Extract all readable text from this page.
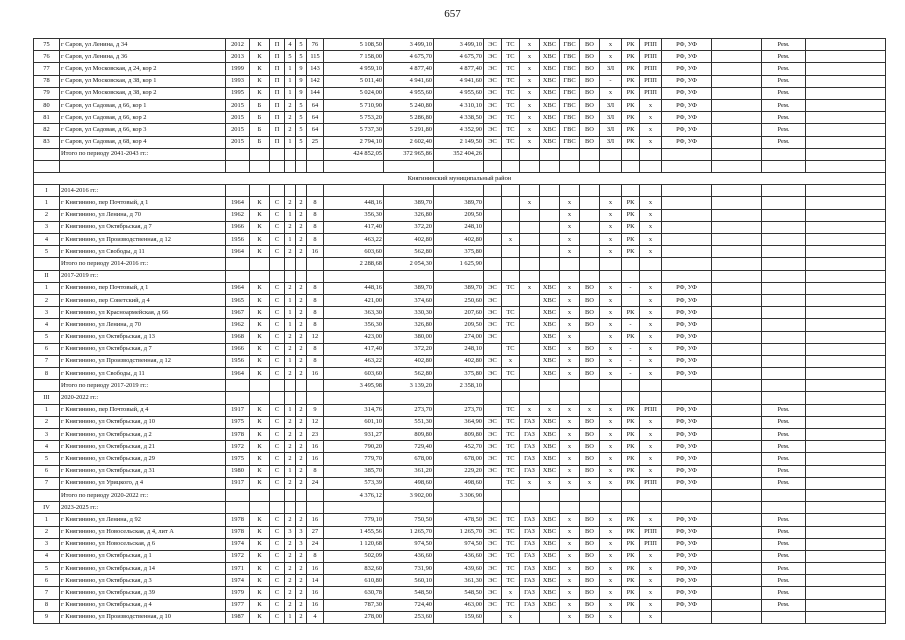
657
75	г Саров, ул Ленина, д 34	2012	К	П	4	5	76	5 108,50	3 499,10	3 499,10	ЭС	ТС	х	ХВС	ГВС	ВО	х	РК	РПП	РФ, УФ		Рем.	
76	г Саров, ул Ленина, д 36	2013	К	П	5	5	115	7 158,00	4 675,70	4 675,70	ЭС	ТС	х	ХВС	ГВС	ВО	х	РК	РПП	РФ, УФ		Рем.	
77	г Саров, ул Московская, д 24, кор 2	1999	К	П	1	9	143	4 959,10	4 877,40	4 877,40	ЭС	ТС	х	ХВС	ГВС	ВО	ЗЛ	РК	РПП	РФ, УФ		Рем.	
78	г Саров, ул Московская, д 38, кор 1	1993	К	П	1	9	142	5 011,40	4 941,60	4 941,60	ЭС	ТС	х	ХВС	ГВС	ВО	-	РК	РПП	РФ, УФ		Рем.	
79	г Саров, ул Московская, д 38, кор 2	1995	К	П	1	9	144	5 024,00	4 955,60	4 955,60	ЭС	ТС	х	ХВС	ГВС	ВО	х	РК	РПП	РФ, УФ		Рем.	
80	г Саров, ул Садовая, д 66, кор 1	2015	Б	П	2	5	64	5 710,90	5 240,80	4 310,10	ЭС	ТС	х	ХВС	ГВС	ВО	ЗЛ	РК	х	РФ, УФ		Рем.	
81	г Саров, ул Садовая, д 66, кор 2	2015	Б	П	2	5	64	5 753,20	5 286,80	4 338,50	ЭС	ТС	х	ХВС	ГВС	ВО	ЗЛ	РК	х	РФ, УФ		Рем.	
82	г Саров, ул Садовая, д 66, кор 3	2015	Б	П	2	5	64	5 737,30	5 291,80	4 352,90	ЭС	ТС	х	ХВС	ГВС	ВО	ЗЛ	РК	х	РФ, УФ		Рем.	
83	г Саров, ул Садовая, д 68, кор 4	2015	Б	П	1	5	25	2 794,10	2 602,40	2 149,50	ЭС	ТС	х	ХВС	ГВС	ВО	ЗЛ	РК	х	РФ, УФ		Рем.	
	Итого по периоду 2041-2043 гг.:							424 852,05	372 965,86	352 404,26													

Княгининский муниципальный район																							
I	2014-2016 гг.:																						
1	г Княгинино, пер Почтовый, д 1	1964	К	С	2	2	8	448,16	389,70	389,70			х		х		х	РК	х				
2	г Княгинино, ул Ленина, д 70	1962	К	С	1	2	8	356,30	326,80	209,50					х		х	РК	х				
3	г Княгинино, ул Октябрьская, д 7	1966	К	С	2	2	8	417,40	372,20	248,10					х		х	РК	х				
4	г Княгинино, ул Производственная, д 12	1956	К	С	1	2	8	463,22	402,80	402,80		х			х		х	РК	х				
5	г Княгинино, ул Свободы, д 11	1964	К	С	2	2	16	603,60	562,80	375,80					х		х	РК	х				
	Итого по периоду 2014-2016 гг.:							2 288,68	2 054,30	1 625,90													
II	2017-2019 гг.:																						
1	г Княгинино, пер Почтовый, д 1	1964	К	С	2	2	8	448,16	389,70	389,70	ЭС	ТС	х	ХВС	х	ВО	х	-	х	РФ, УФ			
2	г Княгинино, пер Советский, д 4	1965	К	С	1	2	8	421,00	374,60	250,60	ЭС			ХВС	х	ВО	х		х	РФ, УФ			
3	г Княгинино, ул Красноармейская, д 66	1967	К	С	1	2	8	363,30	330,30	207,60	ЭС	ТС		ХВС	х	ВО	х	РК	х	РФ, УФ			
4	г Княгинино, ул Ленина, д 70	1962	К	С	1	2	8	356,30	326,80	209,50	ЭС	ТС		ХВС	х	ВО	х	-	х	РФ, УФ			
5	г Княгинино, ул Октябрьская, д 13	1968	К	С	2	2	12	423,00	380,00	274,00	ЭС			ХВС	х		х	РК	х	РФ, УФ			
6	г Княгинино, ул Октябрьская, д 7	1966	К	С	2	2	8	417,40	372,20	248,10		ТС		ХВС	х	ВО	х	-	х	РФ, УФ			
7	г Княгинино, ул Производственная, д 12	1956	К	С	1	2	8	463,22	402,80	402,80	ЭС	х		ХВС	х	ВО	х	-	х	РФ, УФ			
8	г Княгинино, ул Свободы, д 11	1964	К	С	2	2	16	603,60	562,80	375,80	ЭС	ТС		ХВС	х	ВО	х	-	х	РФ, УФ			
	Итого по периоду 2017-2019 гг.:							3 495,98	3 139,20	2 358,10													
III	2020-2022 гг.:																						
1	г Княгинино, пер Почтовый, д 4	1917	К	С	1	2	9	314,76	273,70	273,70		ТС	х	х	х	х	х	РК	РПП	РФ, УФ		Рем.	
2	г Княгинино, ул Октябрьская, д 10	1975	К	С	2	2	12	601,10	551,30	364,90	ЭС	ТС	ГАЗ	ХВС	х	ВО	х	РК	х	РФ, УФ		Рем.	
3	г Княгинино, ул Октябрьская, д 2	1978	К	С	2	2	23	931,27	809,80	809,80	ЭС	ТС	ГАЗ	ХВС	х	ВО	х	РК	х	РФ, УФ		Рем.	
4	г Княгинино, ул Октябрьская, д 21	1972	К	С	2	2	16	790,20	729,40	452,70	ЭС	ТС	ГАЗ	ХВС	х	ВО	х	РК	х	РФ, УФ		Рем.	
5	г Княгинино, ул Октябрьская, д 29	1975	К	С	2	2	16	779,70	678,00	678,00	ЭС	ТС	ГАЗ	ХВС	х	ВО	х	РК	х	РФ, УФ		Рем.	
6	г Княгинино, ул Октябрьская, д 31	1980	К	С	1	2	8	385,70	361,20	229,20	ЭС	ТС	ГАЗ	ХВС	х	ВО	х	РК	х	РФ, УФ		Рем.	
7	г Княгинино, ул Урицкого, д 4	1917	К	С	2	2	24	573,39	498,60	498,60		ТС	х	х	х	х	х	РК	РПП	РФ, УФ		Рем.	
	Итого по периоду 2020-2022 гг.:							4 376,12	3 902,00	3 306,90													
IV	2023-2025 гг.:																						
1	г Княгинино, ул Ленина, д 92	1978	К	С	2	2	16	779,10	750,50	478,50	ЭС	ТС	ГАЗ	ХВС	х	ВО	х	РК	х	РФ, УФ		Рем.	
2	г Княгинино, ул Новосельская, д 4, лит А	1978	К	С	3	3	27	1 455,56	1 265,70	1 265,70	ЭС	ТС	ГАЗ	ХВС	х	ВО	х	РК	РПП	РФ, УФ		Рем.	
3	г Княгинино, ул Новосельская, д 6	1974	К	С	2	3	24	1 120,68	974,50	974,50	ЭС	ТС	ГАЗ	ХВС	х	ВО	х	РК	РПП	РФ, УФ		Рем.	
4	г Княгинино, ул Октябрьская, д 1	1972	К	С	2	2	8	502,09	436,60	436,60	ЭС	ТС	ГАЗ	ХВС	х	ВО	х	РК	х	РФ, УФ		Рем.	
5	г Княгинино, ул Октябрьская, д 14	1971	К	С	2	2	16	832,60	731,90	439,60	ЭС	ТС	ГАЗ	ХВС	х	ВО	х	РК	х	РФ, УФ		Рем.	
6	г Княгинино, ул Октябрьская, д 3	1974	К	С	2	2	14	610,80	560,10	361,30	ЭС	ТС	ГАЗ	ХВС	х	ВО	х	РК	х	РФ, УФ		Рем.	
7	г Княгинино, ул Октябрьская, д 39	1979	К	С	2	2	16	630,78	548,50	548,50	ЭС	х	ГАЗ	ХВС	х	ВО	х	РК	х	РФ, УФ		Рем.	
8	г Княгинино, ул Октябрьская, д 4	1977	К	С	2	2	16	787,30	724,40	463,00	ЭС	ТС	ГАЗ	ХВС	х	ВО	х	РК	х	РФ, УФ		Рем.	
9	г Княгинино, ул Производственная, д 10	1987	К	С	1	2	4	278,00	253,60	159,60		х			х	ВО	х		х				
